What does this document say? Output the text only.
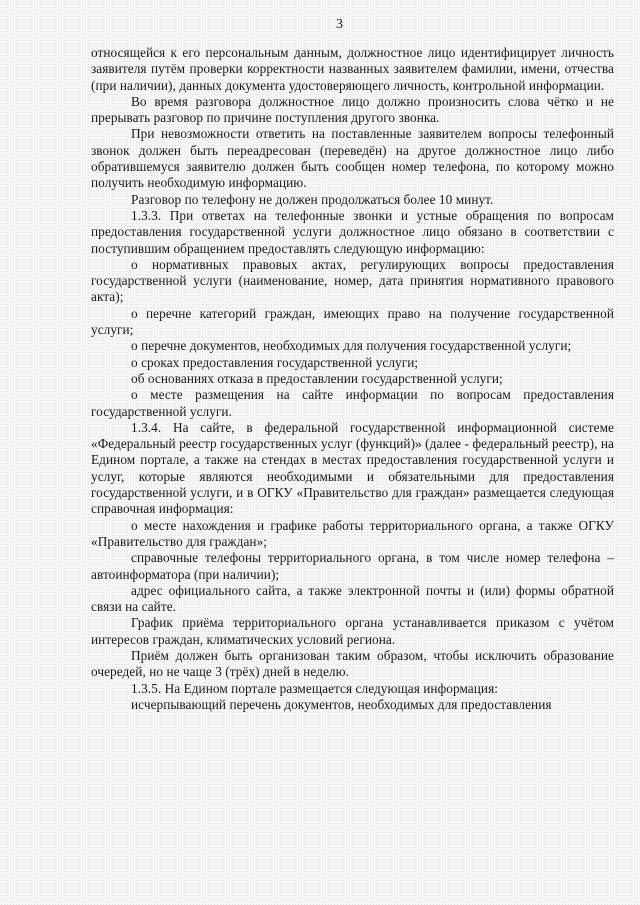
3

относящейся к его персональным данным, должностное лицо идентифицирует личность заявителя путём проверки корректности названных заявителем фамилии, имени, отчества (при наличии), данных документа удостоверяющего личность, контрольной информации.

Во время разговора должностное лицо должно произносить слова чётко и не прерывать разговор по причине поступления другого звонка.

При невозможности ответить на поставленные заявителем вопросы телефонный звонок должен быть переадресован (переведён) на другое должностное лицо либо обратившемуся заявителю должен быть сообщен номер телефона, по которому можно получить необходимую информацию.

Разговор по телефону не должен продолжаться более 10 минут.

1.3.3. При ответах на телефонные звонки и устные обращения по вопросам предоставления государственной услуги должностное лицо обязано в соответствии с поступившим обращением предоставлять следующую информацию:

о нормативных правовых актах, регулирующих вопросы предоставления государственной услуги (наименование, номер, дата принятия нормативного правового акта);

о перечне категорий граждан, имеющих право на получение государственной услуги;

о перечне документов, необходимых для получения государственной услуги;

о сроках предоставления государственной услуги;

об основаниях отказа в предоставлении государственной услуги;

о месте размещения на сайте информации по вопросам предоставления государственной услуги.

1.3.4. На сайте, в федеральной государственной информационной системе «Федеральный реестр государственных услуг (функций)» (далее - федеральный реестр), на Едином портале, а также на стендах в местах предоставления государственной услуги и услуг, которые являются необходимыми и обязательными для предоставления государственной услуги, и в ОГКУ «Правительство для граждан» размещается следующая справочная информация:

о месте нахождения и графике работы территориального органа, а также ОГКУ «Правительство для граждан»;

справочные телефоны территориального органа, в том числе номер телефона – автоинформатора (при наличии);

адрес официального сайта, а также электронной почты и (или) формы обратной связи на сайте.

График приёма территориального органа устанавливается приказом с учётом интересов граждан, климатических условий региона.

Приём должен быть организован таким образом, чтобы исключить образование очередей, но не чаще 3 (трёх) дней в неделю.

1.3.5. На Едином портале размещается следующая информация:

исчерпывающий перечень документов, необходимых для предоставления
